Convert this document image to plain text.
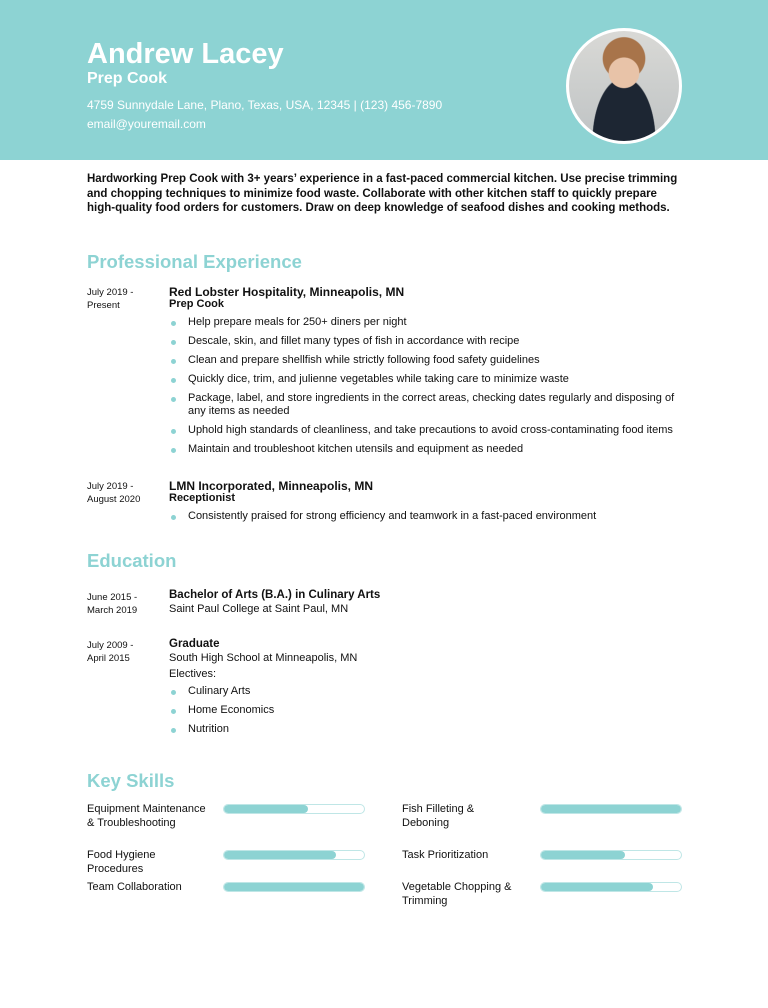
Andrew Lacey
Prep Cook
4759 Sunnydale Lane, Plano, Texas, USA, 12345 | (123) 456-7890
email@youremail.com
Hardworking Prep Cook with 3+ years’ experience in a fast-paced commercial kitchen. Use precise trimming and chopping techniques to minimize food waste. Collaborate with other kitchen staff to quickly prepare high-quality food orders for customers. Draw on deep knowledge of seafood dishes and cooking methods.
Professional Experience
July 2019 -
Present
Red Lobster Hospitality, Minneapolis, MN
Prep Cook
Help prepare meals for 250+ diners per night
Descale, skin, and fillet many types of fish in accordance with recipe
Clean and prepare shellfish while strictly following food safety guidelines
Quickly dice, trim, and julienne vegetables while taking care to minimize waste
Package, label, and store ingredients in the correct areas, checking dates regularly and disposing of any items as needed
Uphold high standards of cleanliness, and take precautions to avoid cross-contaminating food items
Maintain and troubleshoot kitchen utensils and equipment as needed
July 2019 -
August 2020
LMN Incorporated, Minneapolis, MN
Receptionist
Consistently praised for strong efficiency and teamwork in a fast-paced environment
Education
June 2015 -
March 2019
Bachelor of Arts (B.A.) in Culinary Arts
Saint Paul College at Saint Paul, MN
July 2009 -
April 2015
Graduate
South High School at Minneapolis, MN
Electives:
Culinary Arts
Home Economics
Nutrition
Key Skills
Equipment Maintenance & Troubleshooting
Fish Filleting & Deboning
Food Hygiene Procedures
Task Prioritization
Team Collaboration	Vegetable Chopping & Trimming
